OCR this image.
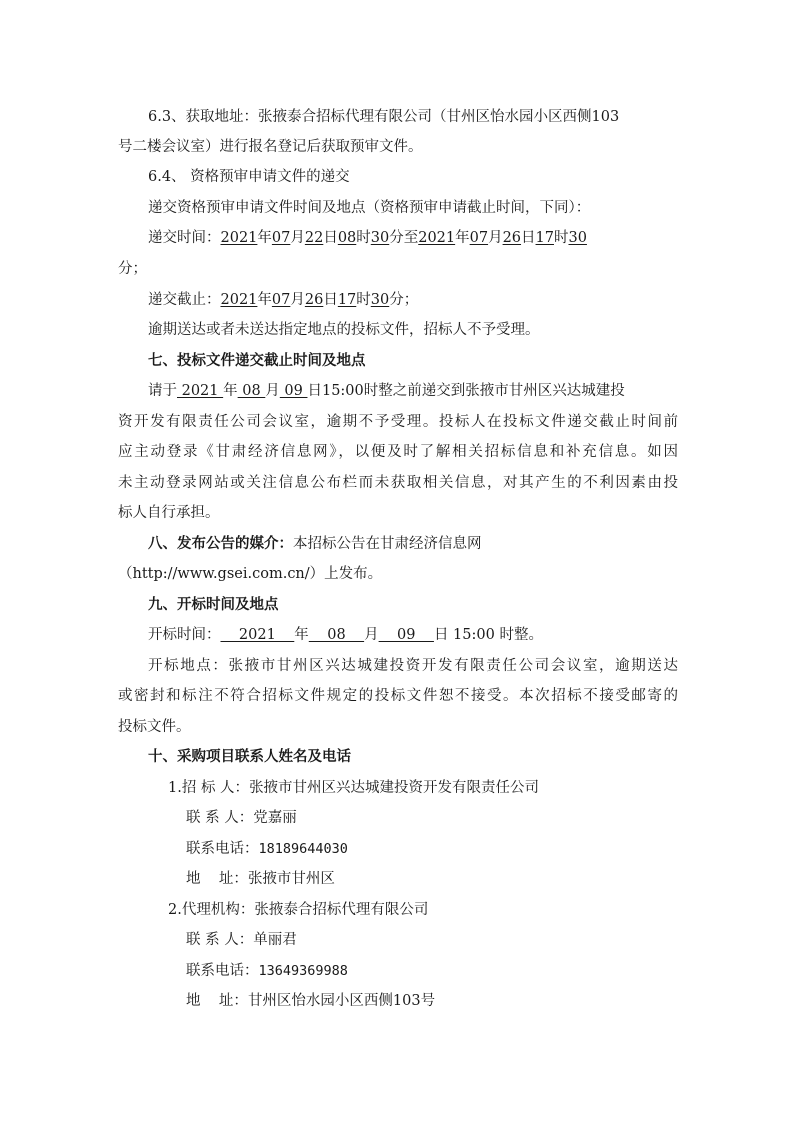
6.3、获取地址：张掖泰合招标代理有限公司（甘州区怡水园小区西侧103
号二楼会议室）进行报名登记后获取预审文件。
6.4、 资格预审申请文件的递交
递交资格预审申请文件时间及地点（资格预审申请截止时间，下同）：
递交时间：2021年07月22日08时30分至2021年07月26日17时30
分；
递交截止：2021年07月26日17时30分；
逾期送达或者未送达指定地点的投标文件，招标人不予受理。
七、投标文件递交截止时间及地点
请于 2021 年 08 月 09 日15:00时整之前递交到张掖市甘州区兴达城建投
资开发有限责任公司会议室，逾期不予受理。投标人在投标文件递交截止时间前
应主动登录《甘肃经济信息网》，以便及时了解相关招标信息和补充信息。如因
未主动登录网站或关注信息公布栏而未获取相关信息，对其产生的不利因素由投
标人自行承担。
八、发布公告的媒介：本招标公告在甘肃经济信息网
（http://www.gsei.com.cn/）上发布。
九、开标时间及地点
开标时间：    2021    年    08    月    09    日 15:00 时整。
开标地点：张掖市甘州区兴达城建投资开发有限责任公司会议室，逾期送达
或密封和标注不符合招标文件规定的投标文件恕不接受。本次招标不接受邮寄的
投标文件。
十、采购项目联系人姓名及电话
1.招 标 人：张掖市甘州区兴达城建投资开发有限责任公司
联 系 人：党嘉丽
联系电话：18189644030
地    址：张掖市甘州区
2.代理机构：张掖泰合招标代理有限公司
联 系 人：单丽君
联系电话：13649369988
地    址：甘州区怡水园小区西侧103号
